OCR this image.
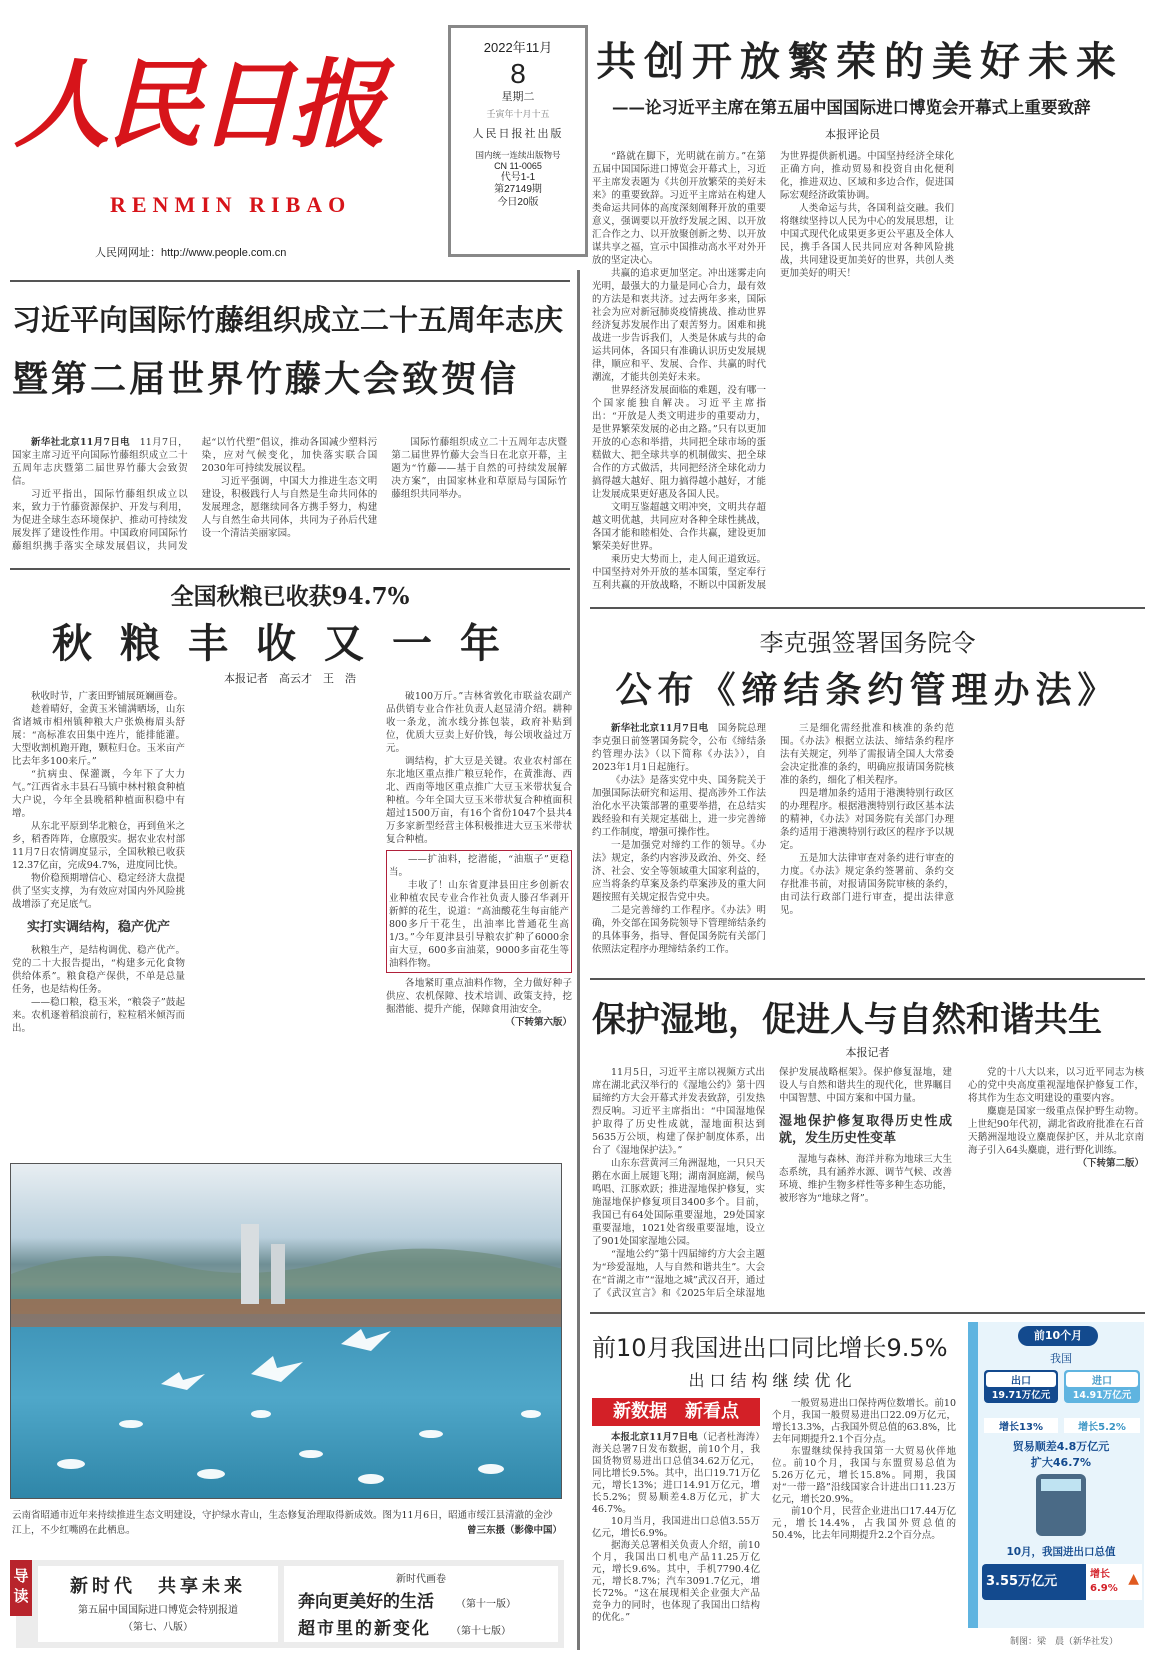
人民日报
RENMIN RIBAO
人民网网址：http://www.people.com.cn
2022年11月
8
星期二
壬寅年十月十五
人民日报社出版
国内统一连续出版物号
CN 11-0065
代号1-1
第27149期
今日20版
共创开放繁荣的美好未来
——论习近平主席在第五届中国国际进口博览会开幕式上重要致辞
本报评论员

“路就在脚下，光明就在前方。”在第五届中国国际进口博览会开幕式上，习近平主席发表题为《共创开放繁荣的美好未来》的重要致辞。习近平主席站在构建人类命运共同体的高度深刻阐释开放的重要意义，强调要以开放纾发展之困、以开放汇合作之力、以开放聚创新之势、以开放谋共享之福，宣示中国推动高水平对外开放的坚定决心。

共赢的追求更加坚定。冲出迷雾走向光明，最强大的力量是同心合力，最有效的方法是和衷共济。过去两年多来，国际社会为应对新冠肺炎疫情挑战、推动世界经济复苏发展作出了艰苦努力。困难和挑战进一步告诉我们，人类是休戚与共的命运共同体，各国只有准确认识历史发展规律，顺应和平、发展、合作、共赢的时代潮流，才能共创美好未来。

世界经济发展面临的难题，没有哪一个国家能独自解决。习近平主席指出：“开放是人类文明进步的重要动力，是世界繁荣发展的必由之路。”只有以更加开放的心态和举措，共同把全球市场的蛋糕做大、把全球共享的机制做实、把全球合作的方式做活，共同把经济全球化动力搞得越大越好、阻力搞得越小越好，才能让发展成果更好惠及各国人民。

文明互鉴超越文明冲突，文明共存超越文明优越，共同应对各种全球性挑战，各国才能和睦相处、合作共赢，建设更加繁荣美好世界。

乘历史大势而上，走人间正道致远。中国坚持对外开放的基本国策，坚定奉行互利共赢的开放战略，不断以中国新发展为世界提供新机遇。中国坚持经济全球化正确方向，推动贸易和投资自由化便利化，推进双边、区域和多边合作，促进国际宏观经济政策协调。

人类命运与共，各国利益交融。我们将继续坚持以人民为中心的发展思想，让中国式现代化成果更多更公平惠及全体人民，携手各国人民共同应对各种风险挑战，共同建设更加美好的世界，共创人类更加美好的明天！

习近平向国际竹藤组织成立二十五周年志庆
暨第二届世界竹藤大会致贺信

新华社北京11月7日电　 11月7日，国家主席习近平向国际竹藤组织成立二十五周年志庆暨第二届世界竹藤大会致贺信。

习近平指出，国际竹藤组织成立以来，致力于竹藤资源保护、开发与利用，为促进全球生态环境保护、推动可持续发展发挥了建设性作用。中国政府同国际竹藤组织携手落实全球发展倡议，共同发起“以竹代塑”倡议，推动各国减少塑料污染，应对气候变化，加快落实联合国2030年可持续发展议程。

习近平强调，中国大力推进生态文明建设，积极践行人与自然是生命共同体的发展理念，愿继续同各方携手努力，构建人与自然生命共同体，共同为子孙后代建设一个清洁美丽家园。

国际竹藤组织成立二十五周年志庆暨第二届世界竹藤大会当日在北京开幕，主题为“竹藤——基于自然的可持续发展解决方案”，由国家林业和草原局与国际竹藤组织共同举办。

全国秋粮已收获94.7%
秋粮丰收又一年
本报记者　高云才　王　浩

秋收时节，广袤田野铺展斑斓画卷。

趁着晴好，金黄玉米铺满晒场，山东省诸城市相州镇种粮大户张焕梅眉头舒展：“高标准农田集中连片，能排能灌。大型收割机跑开跑，颗粒归仓。玉米亩产比去年多100来斤。”

“抗病虫、保灌溉，今年下了大力气。”江西省永丰县石马镇中林村粮食种植大户说，今年全县晚稻种植面积稳中有增。

从东北平原到华北粮仓，再到鱼米之乡，稻香阵阵，仓廪殷实。据农业农村部11月7日农情调度显示，全国秋粮已收获12.37亿亩，完成94.7%，进度同比快。

物价稳预期增信心、稳定经济大盘提供了坚实支撑，为有效应对国内外风险挑战增添了充足底气。

实打实调结构，稳产优产

秋粮生产，是结构调优、稳产优产。党的二十大报告提出，“构建多元化食物供给体系”。粮食稳产保供，不单是总量任务，也是结构任务。

——稳口粮，稳玉米，“粮袋子”鼓起来。农机逐着稻浪前行，粒粒稻米倾泻而出。

破100万斤。”吉林省敦化市联益农副产品供销专业合作社负责人赵显清介绍。耕种收一条龙，流水线分拣包装，政府补贴到位，优质大豆卖上好价钱，每公顷收益过万元。

调结构，扩大豆是关键。农业农村部在东北地区重点推广粮豆轮作，在黄淮海、西北、西南等地区重点推广大豆玉米带状复合种植。今年全国大豆玉米带状复合种植面积超过1500万亩，有16个省份1047个县共4万多家新型经营主体积极推进大豆玉米带状复合种植。

——扩油料，挖潜能，“油瓶子”更稳当。

丰收了！山东省夏津县田庄乡创新农业种植农民专业合作社负责人滕召华剥开新鲜的花生，说道：“高油酸花生每亩能产800多斤干花生，出油率比普通花生高1/3。”今年夏津县引导粮农扩种了6000余亩大豆，600多亩油菜，9000多亩花生等油料作物。

各地紧盯重点油料作物，全力做好种子供应、农机保障、技术培训、政策支持，挖掘潜能、提升产能，保障食用油安全。

（下转第六版）

云南省昭通市近年来持续推进生态文明建设，守护绿水青山，生态修复治理取得新成效。图为11月6日，昭通市绥江县清澈的金沙江上，不少红嘴鸥在此栖息。	曾三东摄（影像中国）
导读	新时代　共享未来
第五届中国国际进口博览会特别报道
（第七、八版）
新时代画卷
奔向更美好的生活 （第十一版）
超市里的新变化 （第十七版）
李克强签署国务院令
公布《缔结条约管理办法》

新华社北京11月7日电　 国务院总理李克强日前签署国务院令，公布《缔结条约管理办法》（以下简称《办法》），自2023年1月1日起施行。

《办法》是落实党中央、国务院关于加强国际法研究和运用、提高涉外工作法治化水平决策部署的重要举措，在总结实践经验和有关规定基础上，进一步完善缔约工作制度，增强可操作性。

一是加强党对缔约工作的领导。《办法》规定，条约内容涉及政治、外交、经济、社会、安全等领域重大国家利益的，应当将条约草案及条约草案涉及的重大问题按照有关规定报告党中央。

二是完善缔约工作程序。《办法》明确，外交部在国务院领导下管理缔结条约的具体事务，指导、督促国务院有关部门依照法定程序办理缔结条约工作。

三是细化需经批准和核准的条约范围。《办法》根据立法法、缔结条约程序法有关规定，列举了需报请全国人大常委会决定批准的条约，明确应报请国务院核准的条约，细化了相关程序。

四是增加条约适用于港澳特别行政区的办理程序。根据港澳特别行政区基本法的精神，《办法》对国务院有关部门办理条约适用于港澳特别行政区的程序予以规定。

五是加大法律审查对条约进行审查的力度。《办法》规定条约签署前、条约交存批准书前，对报请国务院审核的条约，由司法行政部门进行审查，提出法律意见。

保护湿地，促进人与自然和谐共生
本报记者

11月5日，习近平主席以视频方式出席在湖北武汉举行的《湿地公约》第十四届缔约方大会开幕式并发表致辞，引发热烈反响。习近平主席指出：“中国湿地保护取得了历史性成就，湿地面积达到5635万公顷，构建了保护制度体系，出台了《湿地保护法》。”

山东东营黄河三角洲湿地，一只只天鹅在水面上展翅飞翔；湖南洞庭湖，候鸟鸣唱、江豚欢跃；推进湿地保护修复，实施湿地保护修复项目3400多个。目前，我国已有64处国际重要湿地，29处国家重要湿地，1021处省级重要湿地，设立了901处国家湿地公园。

“湿地公约”第十四届缔约方大会主题为“珍爱湿地，人与自然和谐共生”。大会在“首湖之市”“湿地之城”武汉召开，通过了《武汉宣言》和《2025年后全球湿地保护发展战略框架》。保护修复湿地，建设人与自然和谐共生的现代化，世界瞩目中国智慧、中国方案和中国力量。

湿地保护修复取得历史性成就，发生历史性变革

湿地与森林、海洋并称为地球三大生态系统，具有涵养水源、调节气候、改善环境、维护生物多样性等多种生态功能，被形容为“地球之肾”。

党的十八大以来，以习近平同志为核心的党中央高度重视湿地保护修复工作，将其作为生态文明建设的重要内容。

麋鹿是国家一级重点保护野生动物。上世纪90年代初，湖北省政府批准在石首天鹅洲湿地设立麋鹿保护区，并从北京南海子引入64头麋鹿，进行野化训练。

（下转第二版）

前10月我国进出口同比增长9.5%
出口结构继续优化
新数据　新看点

本报北京11月7日电（记者杜海涛）海关总署7日发布数据，前10个月，我国货物贸易进出口总值34.62万亿元，同比增长9.5%。其中，出口19.71万亿元，增长13%；进口14.91万亿元，增长5.2%；贸易顺差4.8万亿元，扩大46.7%。

10月当月，我国进出口总值3.55万亿元，增长6.9%。

据海关总署相关负责人介绍，前10个月，我国出口机电产品11.25万亿元，增长9.6%。其中，手机7790.4亿元，增长8.7%；汽车3091.7亿元，增长72%。“这在展现相关企业强大产品竞争力的同时，也体现了我国出口结构的优化。”

一般贸易进出口保持两位数增长。前10个月，我国一般贸易进出口22.09万亿元，增长13.3%，占我国外贸总值的63.8%，比去年同期提升2.1个百分点。

东盟继续保持我国第一大贸易伙伴地位。前10个月，我国与东盟贸易总值为5.26万亿元，增长15.8%。同期，我国对“一带一路”沿线国家合计进出口11.23万亿元，增长20.9%。

前10个月，民营企业进出口17.44万亿元，增长14.4%，占我国外贸总值的50.4%，比去年同期提升2.2个百分点。

前10个月
我国
出口
19.71万亿元
进口
14.91万亿元
增长13%	增长5.2%
贸易顺差4.8万亿元
扩大46.7%
10月，我国进出口总值
3.55万亿元	增长
6.9%
▲
制图：梁　晨（新华社发）
